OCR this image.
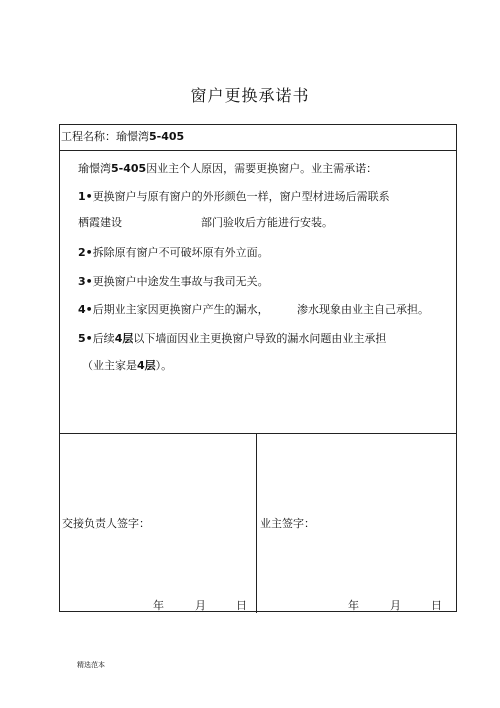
窗户更换承诺书
工程名称：瑜憬湾5-405
瑜憬湾5-405因业主个人原因，需要更换窗户。业主需承诺：
1•更换窗户与原有窗户的外形颜色一样，窗户型材进场后需联系
栖霞建设	部门验收后方能进行安装。
2•拆除原有窗户不可破坏原有外立面。
3•更换窗户中途发生事故与我司无关。
4•后期业主家因更换窗户产生的漏水，	渗水现象由业主自己承担。
5•后续4层以下墙面因业主更换窗户导致的漏水问题由业主承担
（业主家是4层）。
交接负责人签字：	业主签字：
年	月	日	年	月	日
精选范本
